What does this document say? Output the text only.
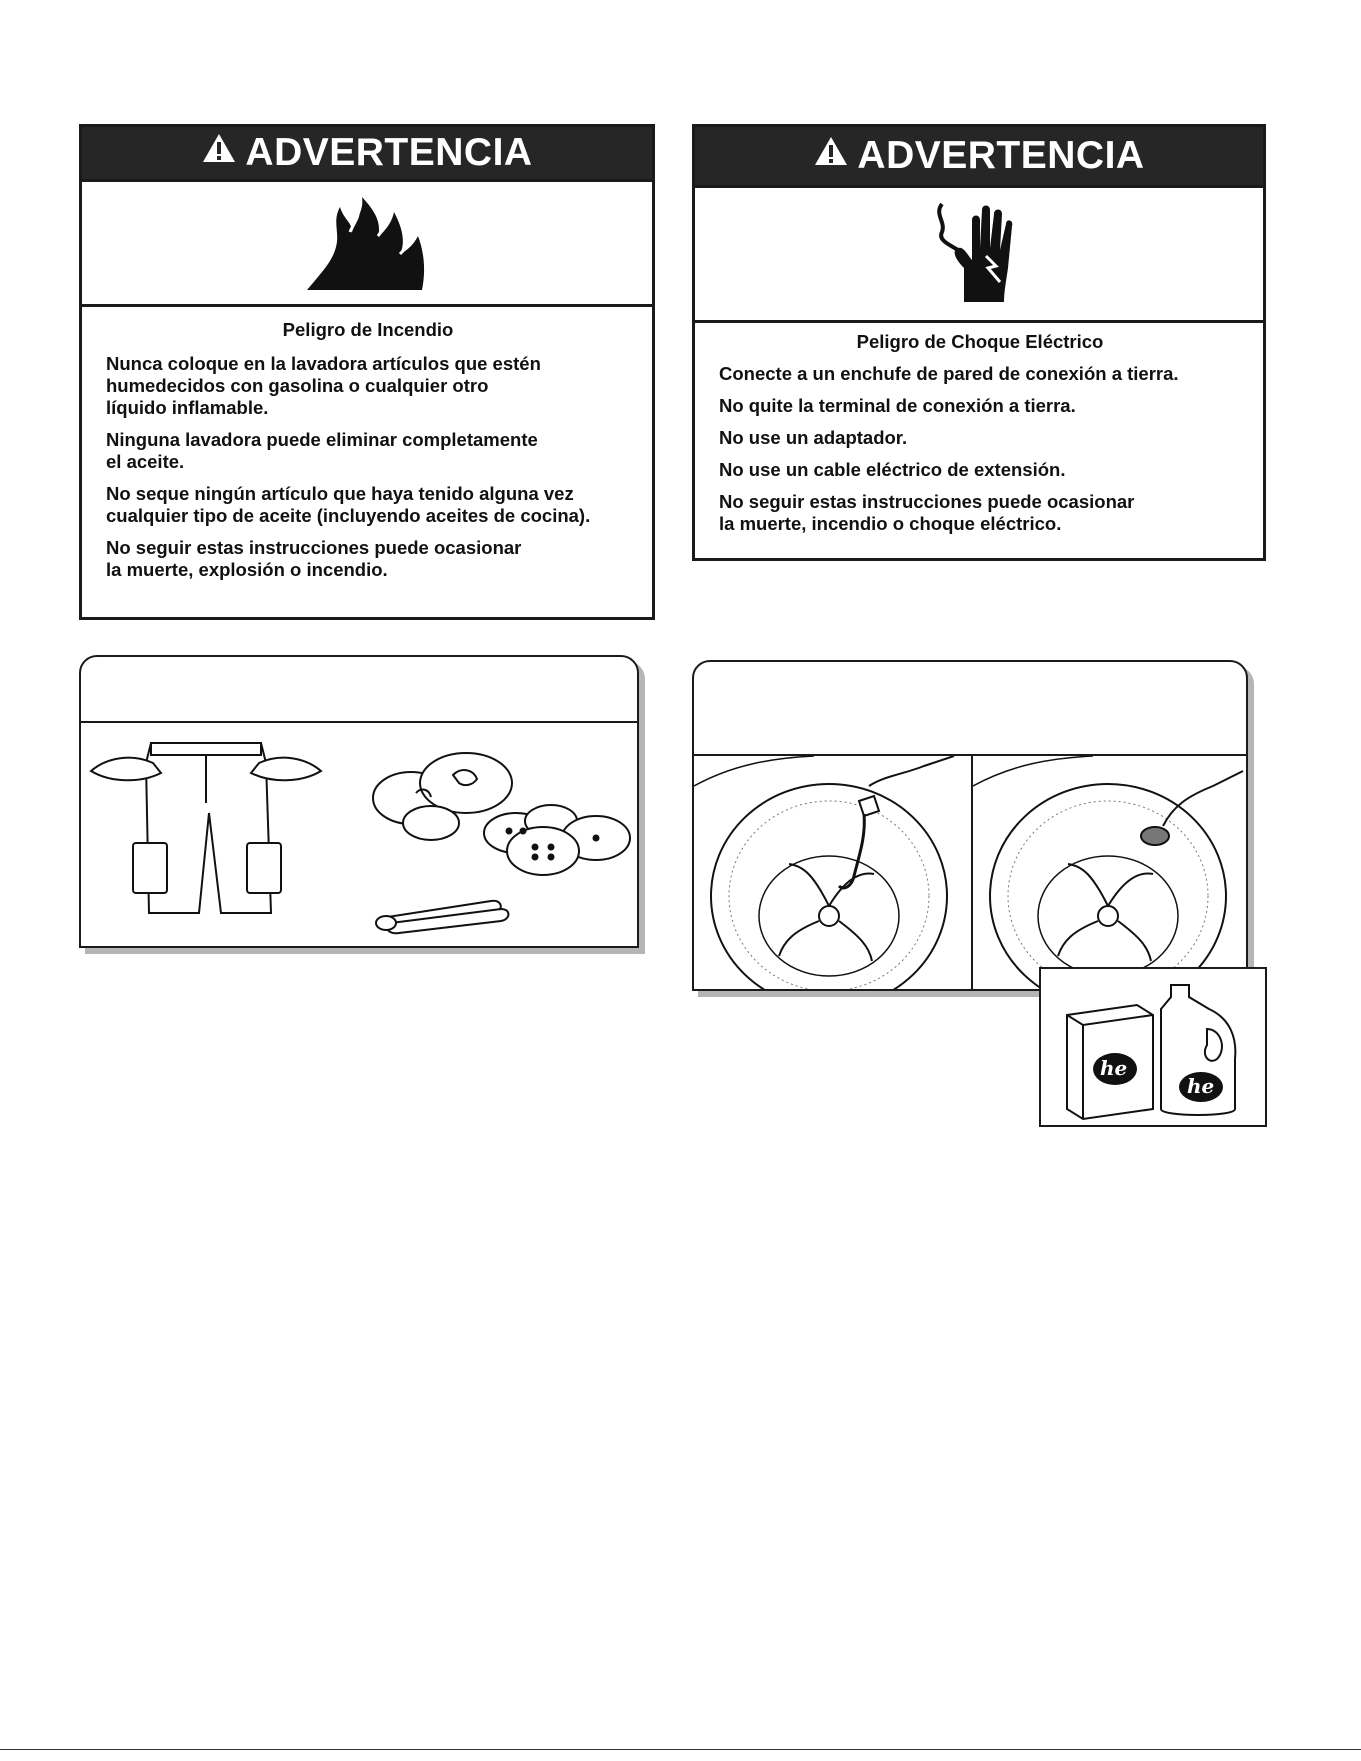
ADVERTENCIA

Peligro de Incendio

Nunca coloque en la lavadora artículos que estén
humedecidos con gasolina o cualquier otro
líquido inflamable.

Ninguna lavadora puede eliminar completamente
el aceite.

No seque ningún artículo que haya tenido alguna vez
cualquier tipo de aceite (incluyendo aceites de cocina).

No seguir estas instrucciones puede ocasionar
la muerte, explosión o incendio.

ADVERTENCIA

Peligro de Choque Eléctrico

Conecte a un enchufe de pared de conexión a tierra.

No quite la terminal de conexión a tierra.

No use un adaptador.

No use un cable eléctrico de extensión.

No seguir estas instrucciones puede ocasionar
la muerte, incendio o choque eléctrico.

he
he
